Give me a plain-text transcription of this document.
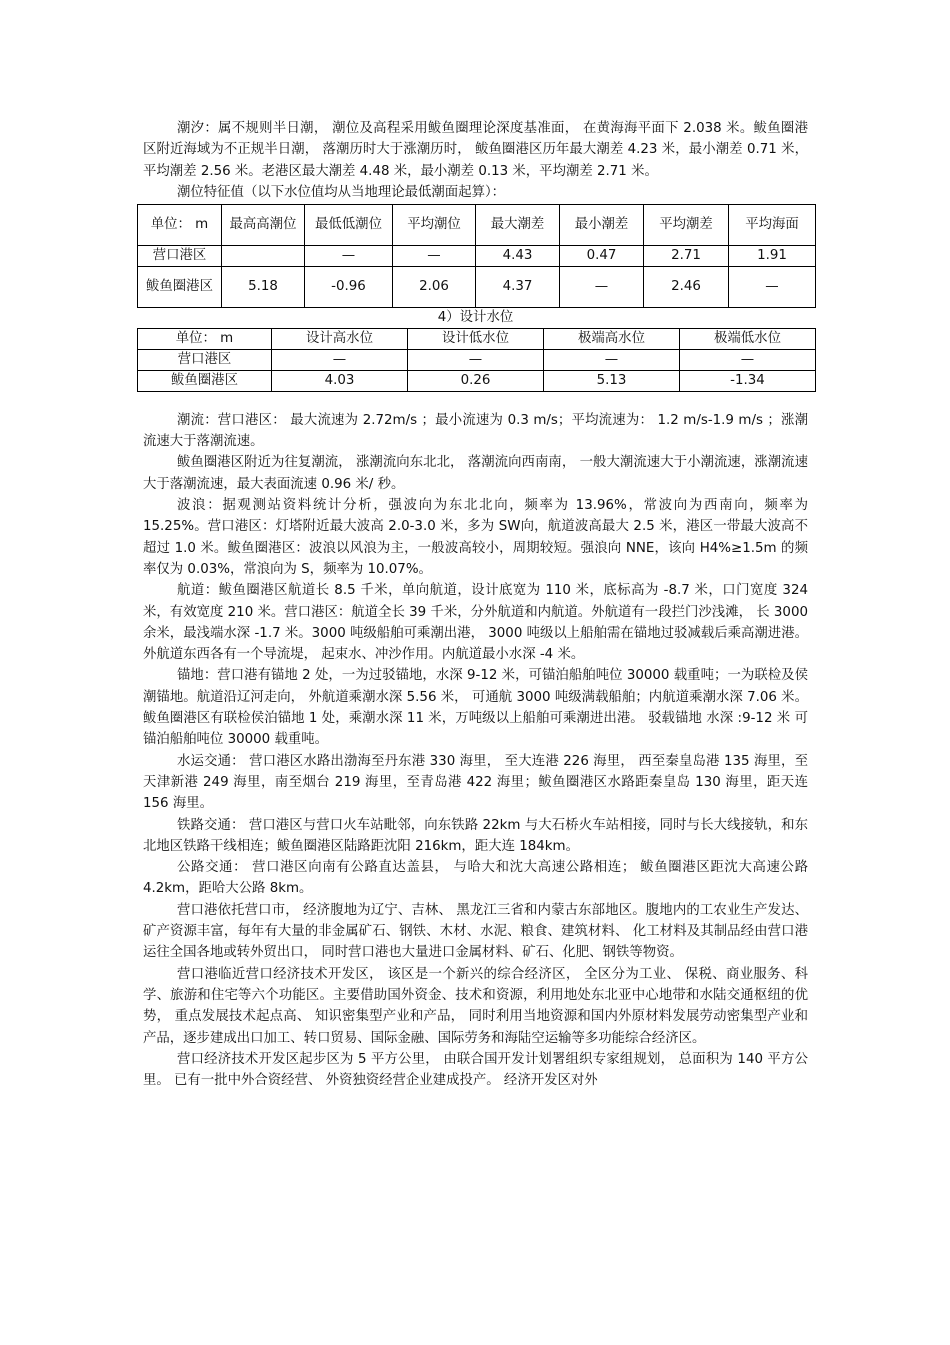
潮汐：属不规则半日潮， 潮位及高程采用鲅鱼圈理论深度基准面， 在黄海海平面下 2.038 米。鲅鱼圈港区附近海域为不正规半日潮， 落潮历时大于涨潮历时， 鲅鱼圈港区历年最大潮差 4.23 米，最小潮差 0.71 米，平均潮差 2.56 米。老港区最大潮差 4.48 米，最小潮差 0.13 米，平均潮差 2.71 米。

潮位特征值（以下水位值均从当地理论最低潮面起算）：

单位： m	最高高潮位	最低低潮位	平均潮位	最大潮差	最小潮差	平均潮差	平均海面
营口港区		—	—	4.43	0.47	2.71	1.91
鲅鱼圈港区	5.18	-0.96	2.06	4.37	—	2.46	—

4）设计水位

单位： m	设计高水位	设计低水位	极端高水位	极端低水位
营口港区	—	—	—	—
鲅鱼圈港区	4.03	0.26	5.13	-1.34

潮流：营口港区： 最大流速为 2.72m/s ；最小流速为 0.3 m/s；平均流速为： 1.2 m/s-1.9 m/s ；涨潮流速大于落潮流速。

鲅鱼圈港区附近为往复潮流， 涨潮流向东北北， 落潮流向西南南， 一般大潮流速大于小潮流速，涨潮流速大于落潮流速，最大表面流速 0.96 米/ 秒。

波浪：据观测站资料统计分析，强波向为东北北向，频率为 13.96%，常波向为西南向，频率为 15.25%。营口港区：灯塔附近最大波高 2.0-3.0 米，多为 SW向，航道波高最大 2.5 米，港区一带最大波高不超过 1.0 米。鲅鱼圈港区：波浪以风浪为主，一般波高较小，周期较短。强浪向 NNE，该向 H4%≥1.5m 的频率仅为 0.03%，常浪向为 S，频率为 10.07%。

航道：鲅鱼圈港区航道长 8.5 千米，单向航道，设计底宽为 110 米，底标高为 -8.7 米，口门宽度 324 米，有效宽度 210 米。营口港区：航道全长 39 千米，分外航道和内航道。外航道有一段拦门沙浅滩， 长 3000 余米，最浅端水深 -1.7 米。3000 吨级船舶可乘潮出港， 3000 吨级以上船舶需在锚地过驳减载后乘高潮进港。 外航道东西各有一个导流堤， 起束水、冲沙作用。内航道最小水深 -4 米。

锚地：营口港有锚地 2 处，一为过驳锚地，水深 9-12 米，可锚泊船舶吨位 30000 载重吨；一为联检及侯潮锚地。航道沿辽河走向， 外航道乘潮水深 5.56 米， 可通航 3000 吨级满载船舶；内航道乘潮水深 7.06 米。 鲅鱼圈港区有联检侯泊锚地 1 处，乘潮水深 11 米，万吨级以上船舶可乘潮进出港。 驳载锚地 水深 :9-12 米 可锚泊船舶吨位 30000 载重吨。

水运交通： 营口港区水路出渤海至丹东港 330 海里， 至大连港 226 海里， 西至秦皇岛港 135 海里，至天津新港 249 海里，南至烟台 219 海里，至青岛港 422 海里；鲅鱼圈港区水路距秦皇岛 130 海里，距天连 156 海里。

铁路交通： 营口港区与营口火车站毗邻，向东铁路 22km 与大石桥火车站相接，同时与长大线接轨，和东北地区铁路干线相连；鲅鱼圈港区陆路距沈阳 216km，距大连 184km。

公路交通： 营口港区向南有公路直达盖县， 与哈大和沈大高速公路相连； 鲅鱼圈港区距沈大高速公路 4.2km，距哈大公路 8km。

营口港依托营口市， 经济腹地为辽宁、吉林、 黑龙江三省和内蒙古东部地区。腹地内的工农业生产发达、矿产资源丰富，每年有大量的非金属矿石、钢铁、木材、水泥、粮食、建筑材料、 化工材料及其制品经由营口港运往全国各地或转外贸出口， 同时营口港也大量进口金属材料、矿石、化肥、钢铁等物资。

营口港临近营口经济技术开发区， 该区是一个新兴的综合经济区， 全区分为工业、 保税、商业服务、科学、旅游和住宅等六个功能区。主要借助国外资金、技术和资源，利用地处东北亚中心地带和水陆交通枢纽的优势， 重点发展技术起点高、 知识密集型产业和产品， 同时利用当地资源和国内外原材料发展劳动密集型产业和产品，逐步建成出口加工、转口贸易、国际金融、国际劳务和海陆空运输等多功能综合经济区。

营口经济技术开发区起步区为 5 平方公里， 由联合国开发计划署组织专家组规划， 总面积为 140 平方公里。 已有一批中外合资经营、 外资独资经营企业建成投产。 经济开发区对外
